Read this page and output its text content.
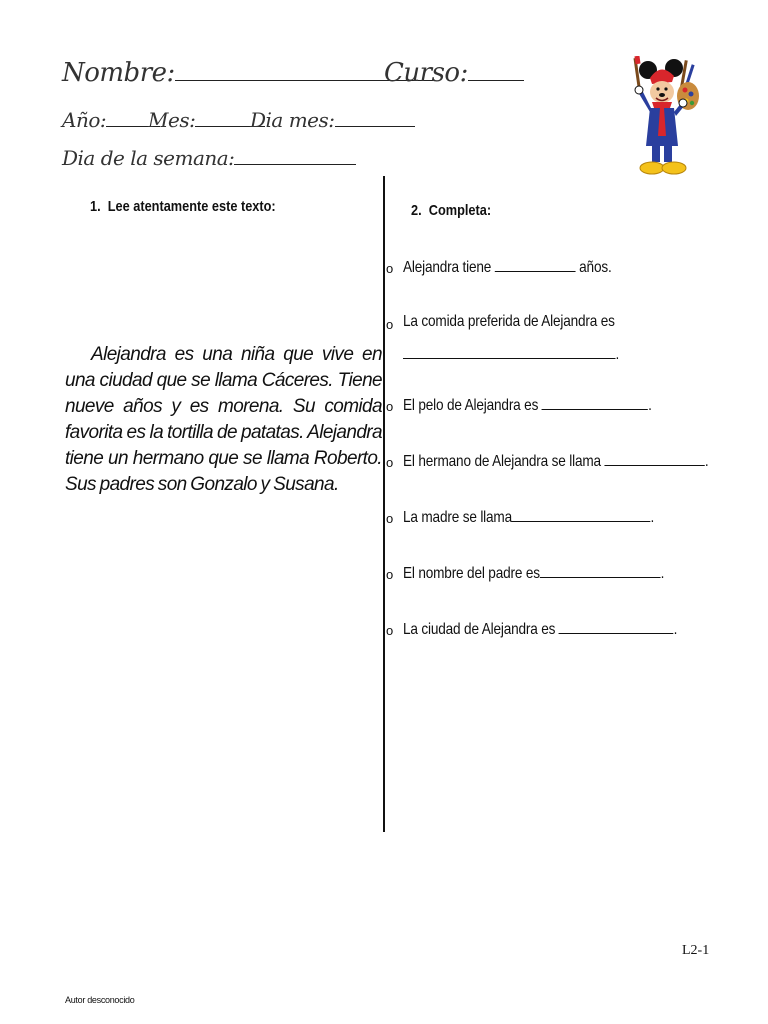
Nombre:	Curso:
Año:	Mes:	Dia mes:
Dia de la semana:
1. Lee atentamente este texto:
Alejandra es una niña que vive en una ciudad que se llama Cáceres. Tiene nueve años y es morena. Su comida favorita es la tortilla de patatas. Alejandra tiene un hermano que se llama Roberto. Sus padres son Gonzalo y Susana.
2. Completa:
o Alejandra tiene	años.
o La comida preferida de Alejandra es
.
o El pelo de Alejandra es	.
o El hermano de Alejandra se llama	.
o La madre se llama	.
o El nombre del padre es	.
o La ciudad de Alejandra es	.
L2-1
Autor desconocido
